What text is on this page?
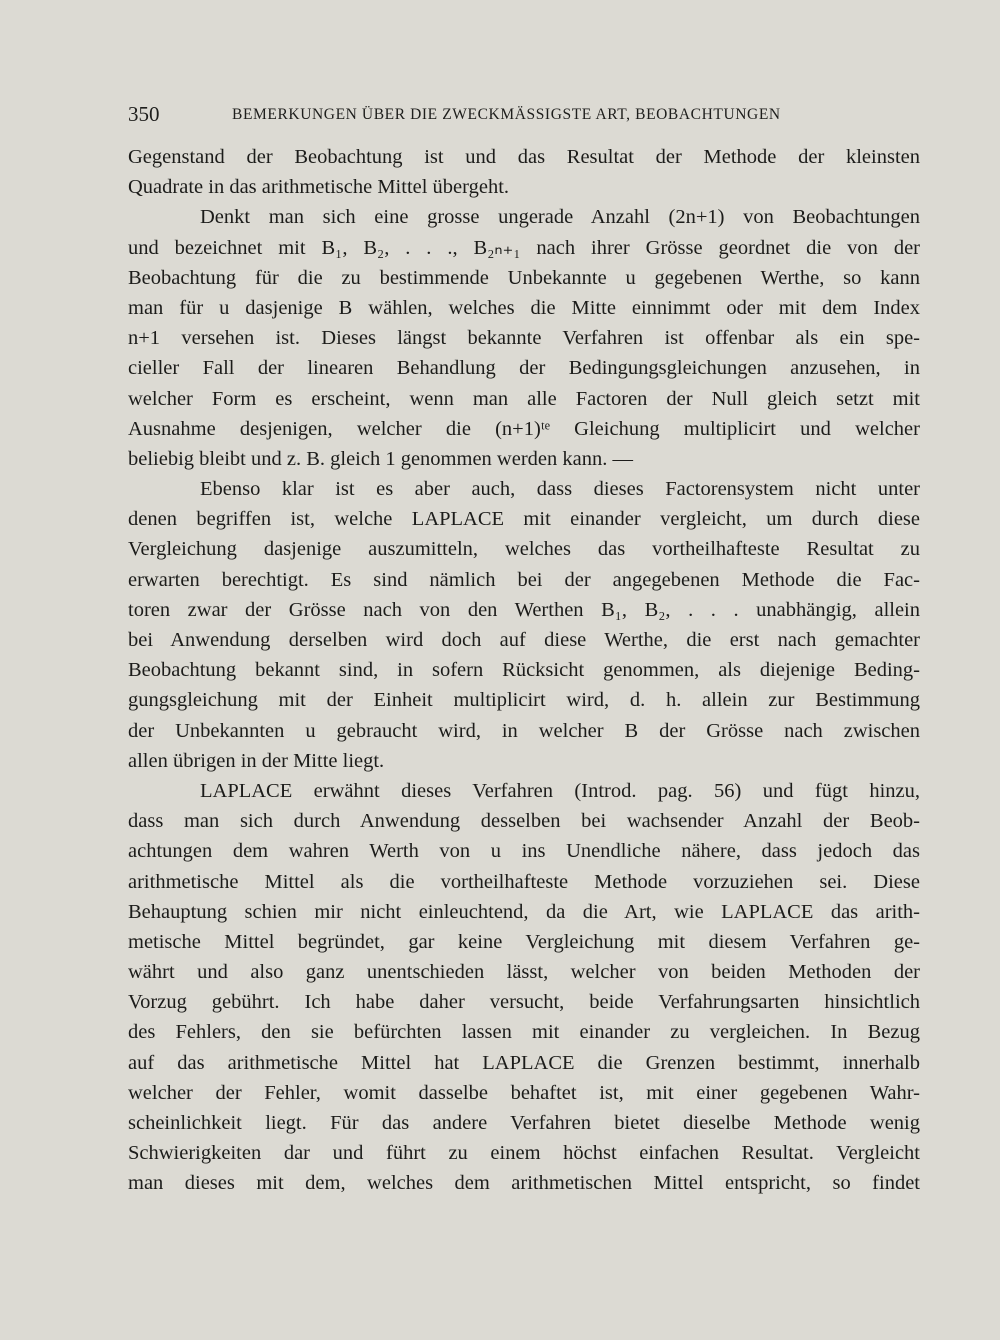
350	BEMERKUNGEN ÜBER DIE ZWECKMÄSSIGSTE ART, BEOBACHTUNGEN
Gegenstand der Beobachtung ist und das Resultat der Methode der kleinsten
Quadrate in das arithmetische Mittel übergeht.
Denkt man sich eine grosse ungerade Anzahl (2n+1) von Beobachtungen
und bezeichnet mit B₁, B₂, . . ., B₂ₙ₊₁ nach ihrer Grösse geordnet die von der
Beobachtung für die zu bestimmende Unbekannte u gegebenen Werthe, so kann
man für u dasjenige B wählen, welches die Mitte einnimmt oder mit dem Index
n+1 versehen ist. Dieses längst bekannte Verfahren ist offenbar als ein spe-
cieller Fall der linearen Behandlung der Bedingungsgleichungen anzusehen, in
welcher Form es erscheint, wenn man alle Factoren der Null gleich setzt mit
Ausnahme desjenigen, welcher die (n+1)ᵗᵉ Gleichung multiplicirt und welcher
beliebig bleibt und z. B. gleich 1 genommen werden kann. —
Ebenso klar ist es aber auch, dass dieses Factorensystem nicht unter
denen begriffen ist, welche LAPLACE mit einander vergleicht, um durch diese
Vergleichung dasjenige auszumitteln, welches das vortheilhafteste Resultat zu
erwarten berechtigt. Es sind nämlich bei der angegebenen Methode die Fac-
toren zwar der Grösse nach von den Werthen B₁, B₂, . . . unabhängig, allein
bei Anwendung derselben wird doch auf diese Werthe, die erst nach gemachter
Beobachtung bekannt sind, in sofern Rücksicht genommen, als diejenige Beding-
gungsgleichung mit der Einheit multiplicirt wird, d. h. allein zur Bestimmung
der Unbekannten u gebraucht wird, in welcher B der Grösse nach zwischen
allen übrigen in der Mitte liegt.
LAPLACE erwähnt dieses Verfahren (Introd. pag. 56) und fügt hinzu,
dass man sich durch Anwendung desselben bei wachsender Anzahl der Beob-
achtungen dem wahren Werth von u ins Unendliche nähere, dass jedoch das
arithmetische Mittel als die vortheilhafteste Methode vorzuziehen sei. Diese
Behauptung schien mir nicht einleuchtend, da die Art, wie LAPLACE das arith-
metische Mittel begründet, gar keine Vergleichung mit diesem Verfahren ge-
währt und also ganz unentschieden lässt, welcher von beiden Methoden der
Vorzug gebührt. Ich habe daher versucht, beide Verfahrungsarten hinsichtlich
des Fehlers, den sie befürchten lassen mit einander zu vergleichen. In Bezug
auf das arithmetische Mittel hat LAPLACE die Grenzen bestimmt, innerhalb
welcher der Fehler, womit dasselbe behaftet ist, mit einer gegebenen Wahr-
scheinlichkeit liegt. Für das andere Verfahren bietet dieselbe Methode wenig
Schwierigkeiten dar und führt zu einem höchst einfachen Resultat. Vergleicht
man dieses mit dem, welches dem arithmetischen Mittel entspricht, so findet
